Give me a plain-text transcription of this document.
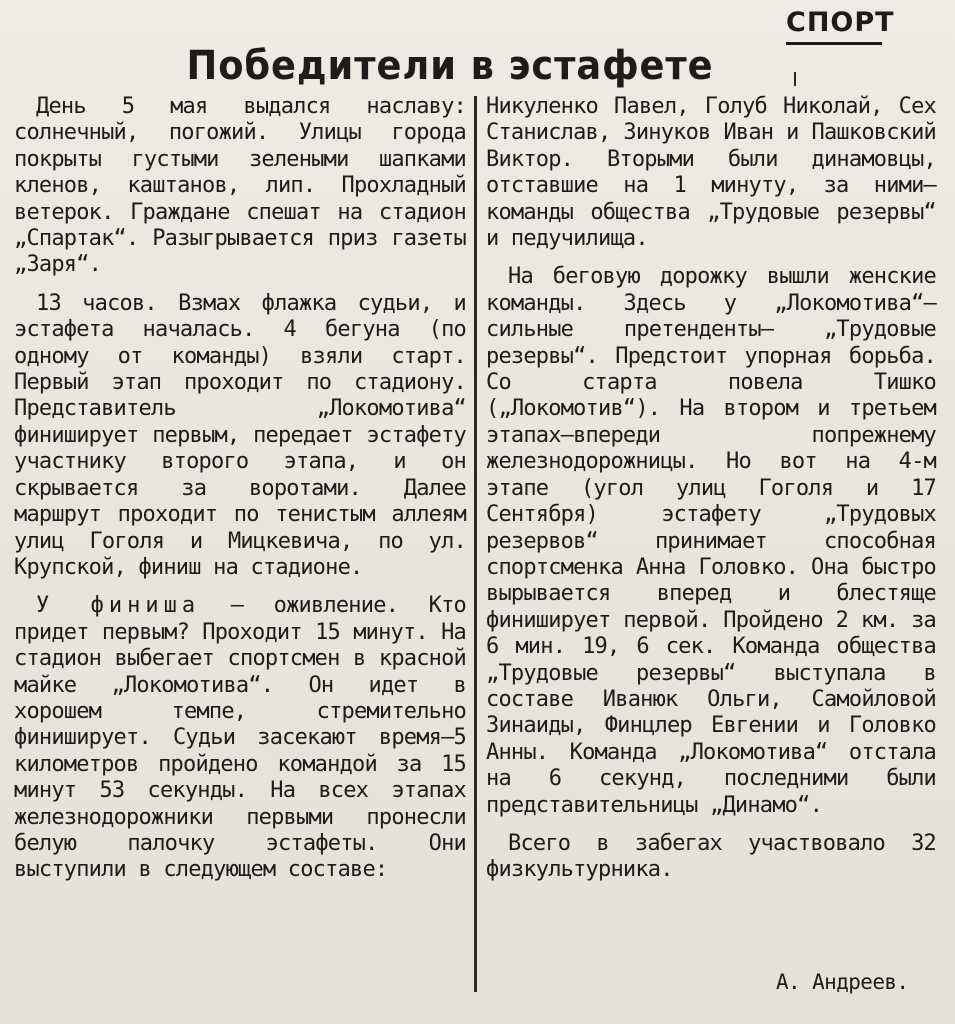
СПОРТ
Победители в эстафете

День 5 мая выдался наславу: солнечный, погожий. Улицы города покрыты густыми зелеными шапками кленов, каштанов, лип. Прохладный ветерок. Граждане спешат на стадион „Спартак“. Разыгрывается приз газеты „Заря“.

13 часов. Взмах флажка судьи, и эстафета началась. 4 бегуна (по одному от команды) взяли старт. Первый этап проходит по стадиону. Представитель „Локомотива“ финиширует первым, передает эстафету участнику второго этапа, и он скрывается за воротами. Далее маршрут проходит по тенистым аллеям улиц Гоголя и Мицкевича, по ул. Крупской, финиш на стадионе.

У финиша — оживление. Кто придет первым? Проходит 15 минут. На стадион выбегает спортсмен в красной майке „Локомотива“. Он идет в хорошем темпе, стремительно финиширует. Судьи засекают время—5 километров пройдено командой за 15 минут 53 секунды. На всех этапах железнодорожники первыми пронесли белую палочку эстафеты. Они выступили в следующем составе:

Никуленко Павел, Голуб Николай, Сех Станислав, Зинуков Иван и Пашковский Виктор. Вторыми были динамовцы, отставшие на 1 минуту, за ними—команды общества „Трудовые резервы“ и педучилища.

На беговую дорожку вышли женские команды. Здесь у „Локомотива“— сильные претенденты— „Трудовые резервы“. Предстоит упорная борьба. Со старта повела Тишко („Локомотив“). На втором и третьем этапах—впереди попрежнему железнодорожницы. Но вот на 4-м этапе (угол улиц Гоголя и 17 Сентября) эстафету „Трудовых резервов“ принимает способная спортсменка Анна Головко. Она быстро вырывается вперед и блестяще финиширует первой. Пройдено 2 км. за 6 мин. 19, 6 сек. Команда общества „Трудовые резервы“ выступала в составе Иванюк Ольги, Самойловой Зинаиды, Финцлер Евгении и Головко Анны. Команда „Локомотива“ отстала на 6 секунд, последними были представительницы „Динамо“.

Всего в забегах участвовало 32 физкультурника.

А. Андреев.
